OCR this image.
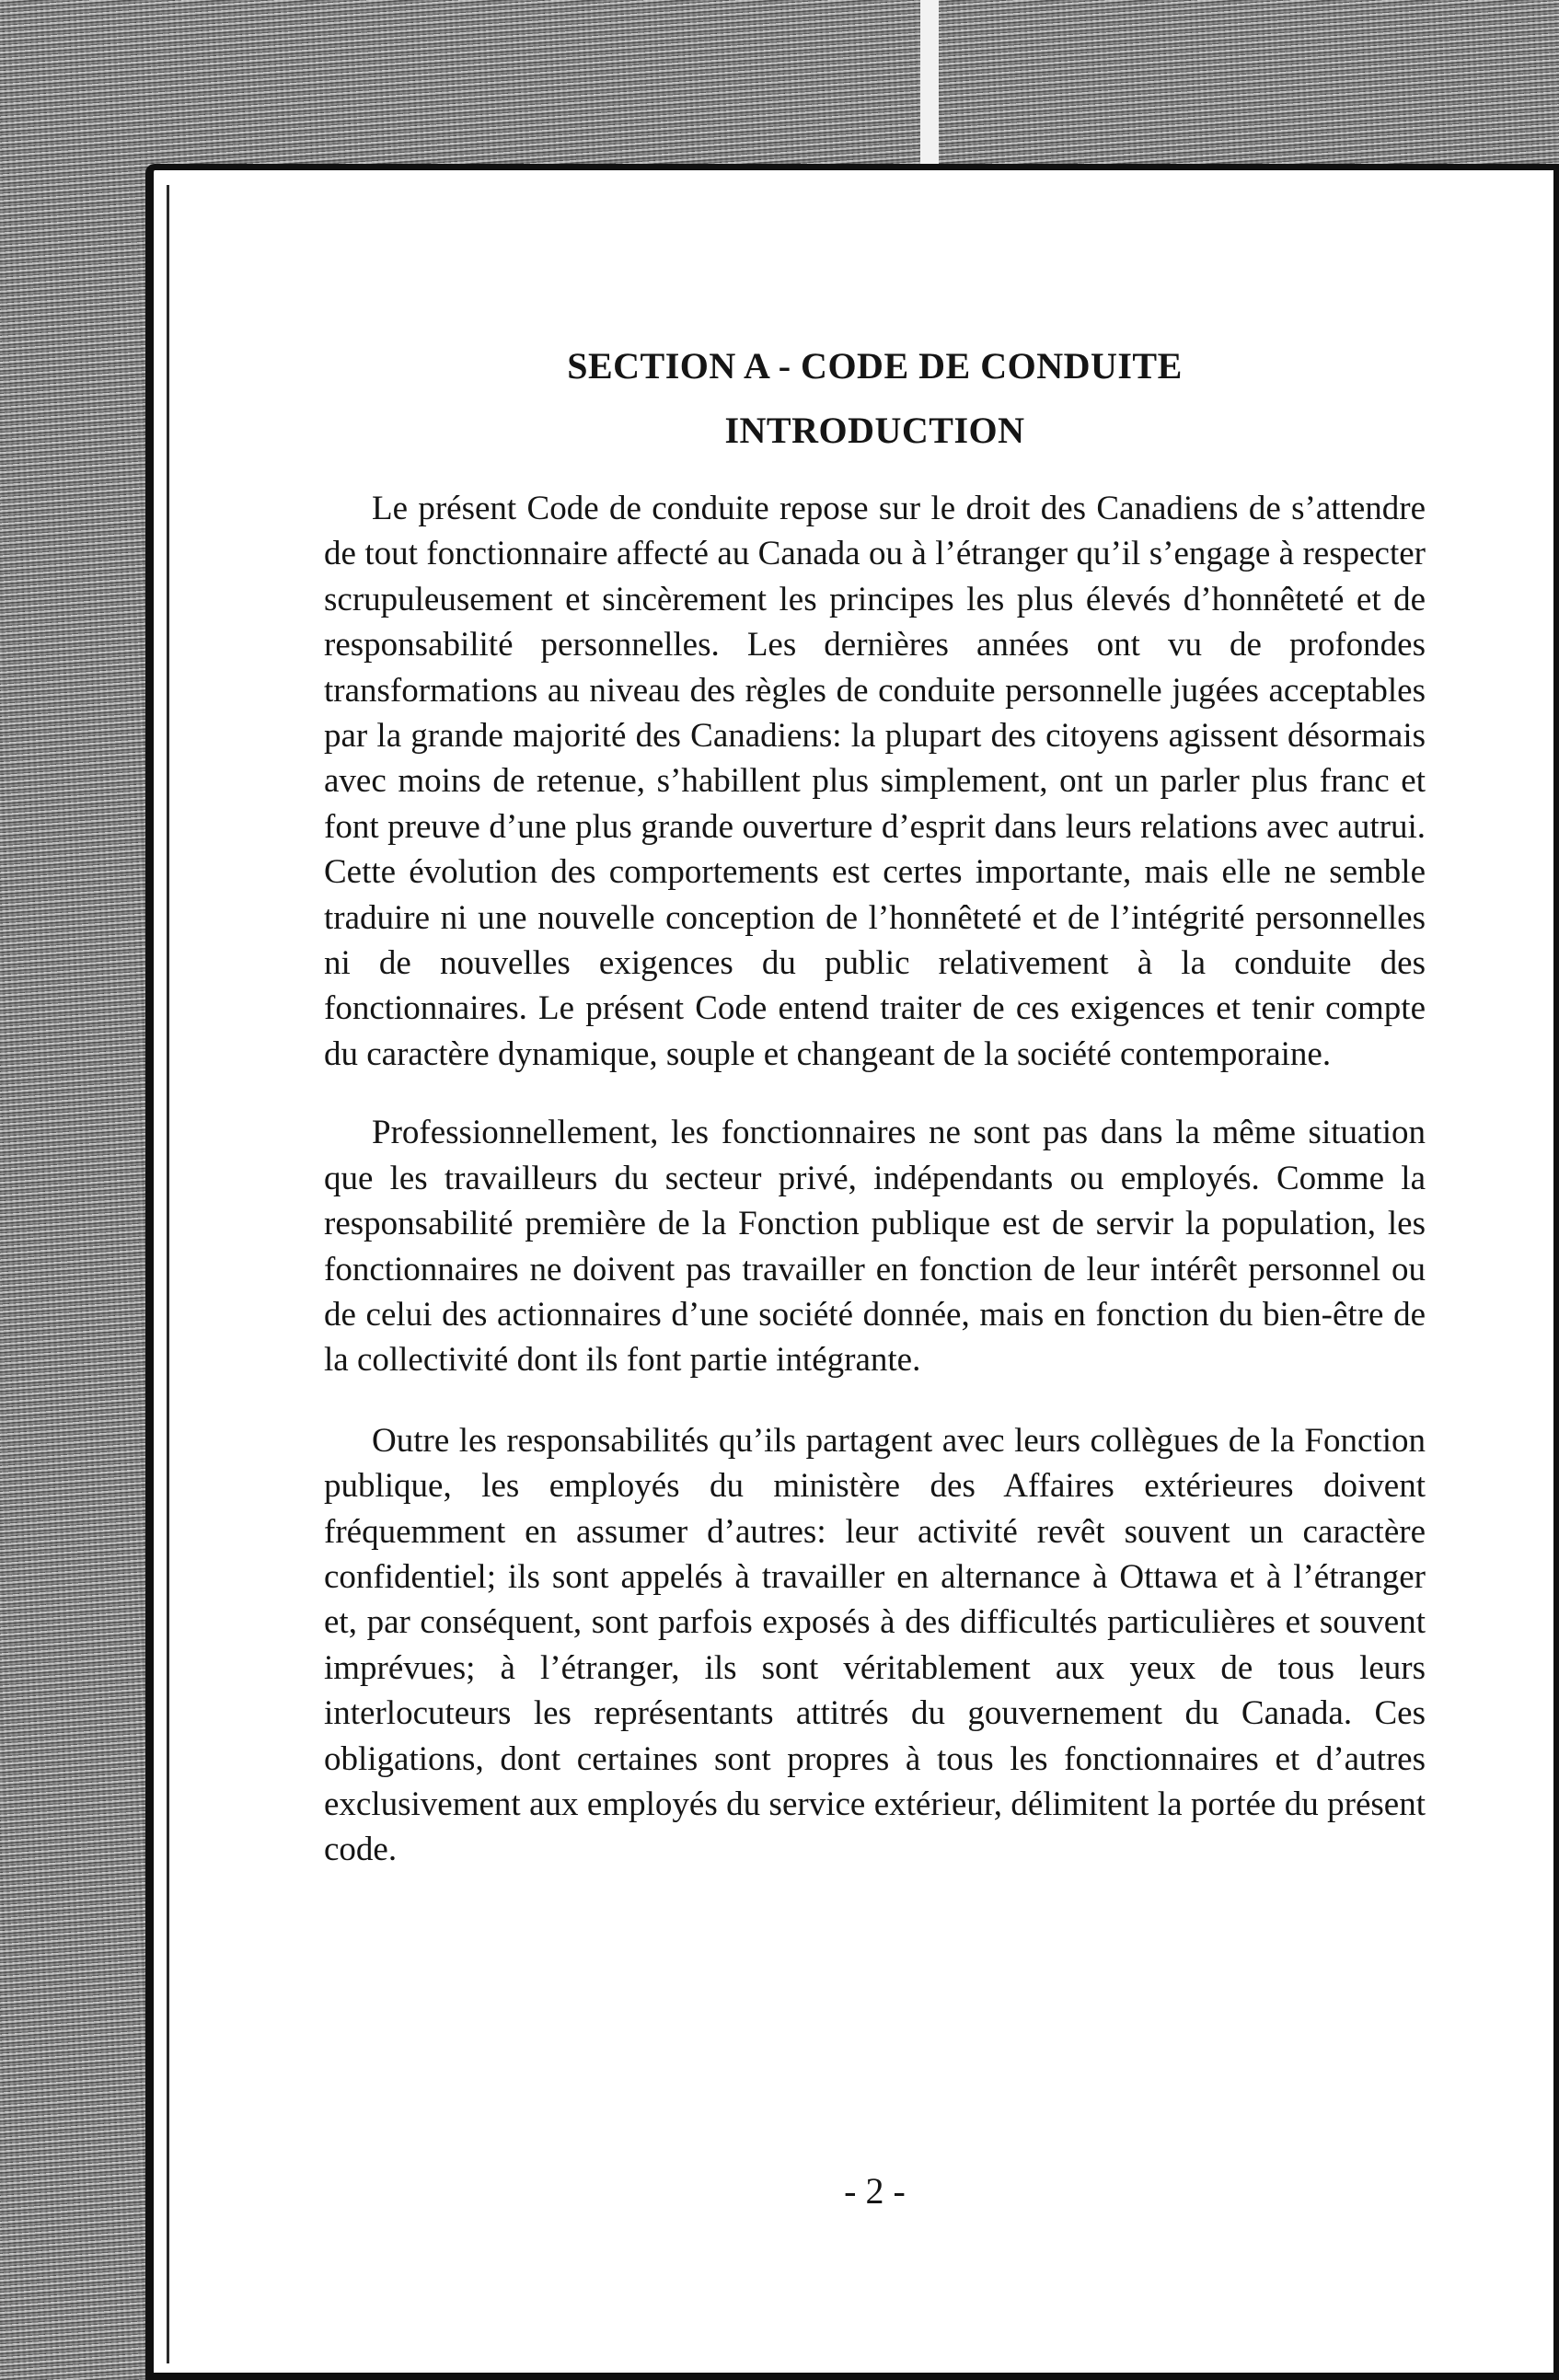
SECTION A - CODE DE CONDUITE
INTRODUCTION

Le présent Code de conduite repose sur le droit des Canadiens de s’attendre de tout fonctionnaire affecté au Canada ou à l’étranger qu’il s’engage à respecter scrupuleusement et sincèrement les principes les plus élevés d’honnêteté et de responsabilité personnelles. Les dernières années ont vu de profondes transformations au niveau des règles de conduite personnelle jugées acceptables par la grande majorité des Canadiens: la plupart des citoyens agissent désormais avec moins de retenue, s’habillent plus simplement, ont un parler plus franc et font preuve d’une plus grande ouverture d’esprit dans leurs relations avec autrui. Cette évolution des comportements est certes importante, mais elle ne semble traduire ni une nouvelle conception de l’honnêteté et de l’intégrité personnelles ni de nouvelles exigences du public relativement à la conduite des fonctionnaires. Le présent Code entend traiter de ces exigences et tenir compte du caractère dynamique, souple et changeant de la société contemporaine.

Professionnellement, les fonctionnaires ne sont pas dans la même situation que les travailleurs du secteur privé, indépendants ou employés. Comme la responsabilité première de la Fonction publique est de servir la population, les fonctionnaires ne doivent pas travailler en fonction de leur intérêt personnel ou de celui des actionnaires d’une société donnée, mais en fonction du bien-être de la collectivité dont ils font partie intégrante.

Outre les responsabilités qu’ils partagent avec leurs collègues de la Fonction publique, les employés du ministère des Affaires extérieures doivent fréquemment en assumer d’autres: leur activité revêt souvent un caractère confidentiel; ils sont appelés à travailler en alternance à Ottawa et à l’étranger et, par conséquent, sont parfois exposés à des difficultés particulières et souvent imprévues; à l’étranger, ils sont véritablement aux yeux de tous leurs interlocuteurs les représentants attitrés du gouvernement du Canada. Ces obligations, dont certaines sont propres à tous les fonctionnaires et d’autres exclusivement aux employés du service extérieur, délimitent la portée du présent code.

- 2 -
